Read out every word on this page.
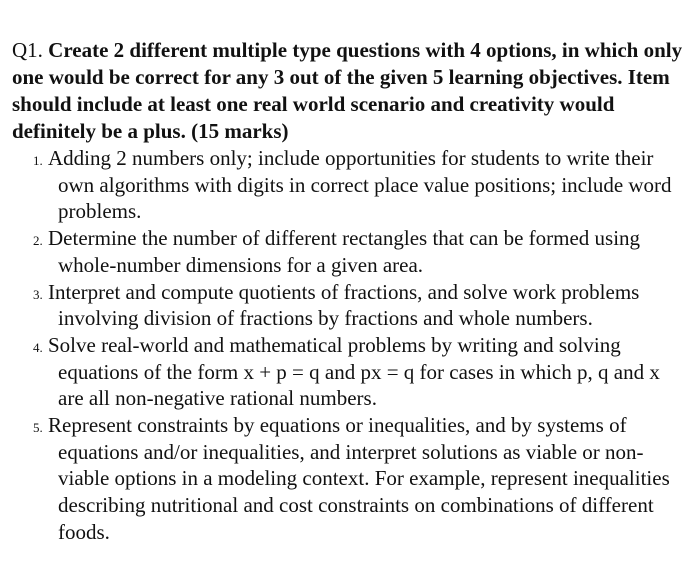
Q1. Create 2 different multiple type questions with 4 options, in which only one would be correct for any 3 out of the given 5 learning objectives. Item should include at least one real world scenario and creativity would definitely be a plus. (15 marks)

1. Adding 2 numbers only; include opportunities for students to write their own algorithms with digits in correct place value positions; include word problems.
2. Determine the number of different rectangles that can be formed using whole-number dimensions for a given area.
3. Interpret and compute quotients of fractions, and solve work problems involving division of fractions by fractions and whole numbers.
4. Solve real-world and mathematical problems by writing and solving equations of the form x + p = q and px = q for cases in which p, q and x are all non-negative rational numbers.
5. Represent constraints by equations or inequalities, and by systems of equations and/or inequalities, and interpret solutions as viable or non-viable options in a modeling context. For example, represent inequalities describing nutritional and cost constraints on combinations of different foods.
